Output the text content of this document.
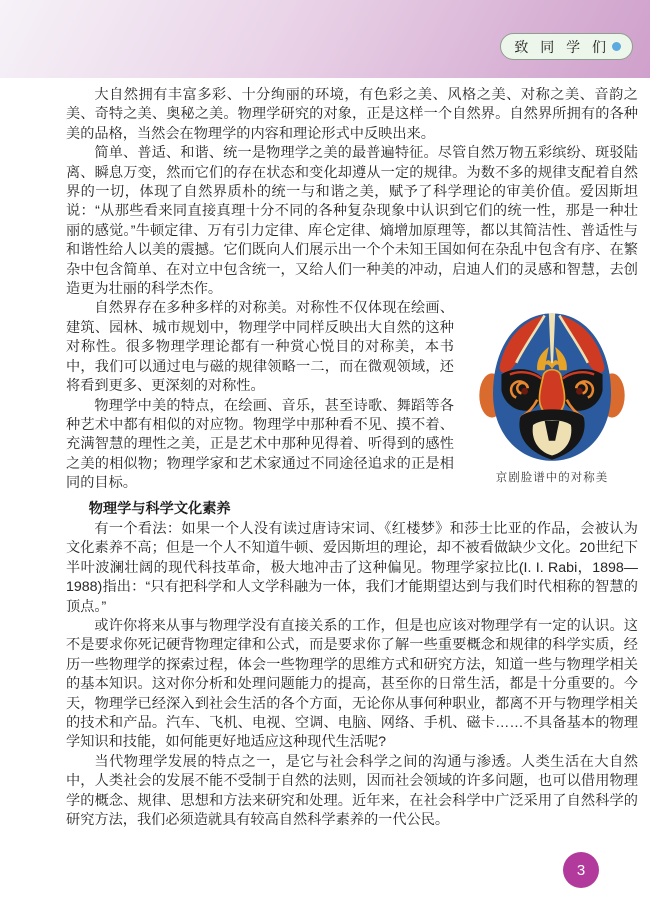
致 同 学 们

大自然拥有丰富多彩、十分绚丽的环境，有色彩之美、风格之美、对称之美、音韵之美、奇特之美、奥秘之美。物理学研究的对象，正是这样一个自然界。自然界所拥有的各种美的品格，当然会在物理学的内容和理论形式中反映出来。

简单、普适、和谐、统一是物理学之美的最普遍特征。尽管自然万物五彩缤纷、斑驳陆离、瞬息万变，然而它们的存在状态和变化却遵从一定的规律。为数不多的规律支配着自然界的一切，体现了自然界质朴的统一与和谐之美，赋予了科学理论的审美价值。爱因斯坦说：“从那些看来同直接真理十分不同的各种复杂现象中认识到它们的统一性，那是一种壮丽的感觉。”牛顿定律、万有引力定律、库仑定律、熵增加原理等，都以其简洁性、普适性与和谐性给人以美的震撼。它们既向人们展示出一个个未知王国如何在杂乱中包含有序、在繁杂中包含简单、在对立中包含统一，又给人们一种美的冲动，启迪人们的灵感和智慧，去创造更为壮丽的科学杰作。

京剧脸谱中的对称美

自然界存在多种多样的对称美。对称性不仅体现在绘画、建筑、园林、城市规划中，物理学中同样反映出大自然的这种对称性。很多物理学理论都有一种赏心悦目的对称美，本书中，我们可以通过电与磁的规律领略一二，而在微观领域，还将看到更多、更深刻的对称性。

物理学中美的特点，在绘画、音乐，甚至诗歌、舞蹈等各种艺术中都有相似的对应物。物理学中那种看不见、摸不着、充满智慧的理性之美，正是艺术中那种见得着、听得到的感性之美的相似物；物理学家和艺术家通过不同途径追求的正是相同的目标。

物理学与科学文化素养

有一个看法：如果一个人没有读过唐诗宋词、《红楼梦》和莎士比亚的作品，会被认为文化素养不高；但是一个人不知道牛顿、爱因斯坦的理论，却不被看做缺少文化。20世纪下半叶波澜壮阔的现代科技革命，极大地冲击了这种偏见。物理学家拉比(I. I. Rabi，1898—1988)指出：“只有把科学和人文学科融为一体，我们才能期望达到与我们时代相称的智慧的顶点。”

或许你将来从事与物理学没有直接关系的工作，但是也应该对物理学有一定的认识。这不是要求你死记硬背物理定律和公式，而是要求你了解一些重要概念和规律的科学实质，经历一些物理学的探索过程，体会一些物理学的思维方式和研究方法，知道一些与物理学相关的基本知识。这对你分析和处理问题能力的提高，甚至你的日常生活，都是十分重要的。今天，物理学已经深入到社会生活的各个方面，无论你从事何种职业，都离不开与物理学相关的技术和产品。汽车、飞机、电视、空调、电脑、网络、手机、磁卡……不具备基本的物理学知识和技能，如何能更好地适应这种现代生活呢?

当代物理学发展的特点之一，是它与社会科学之间的沟通与渗透。人类生活在大自然中，人类社会的发展不能不受制于自然的法则，因而社会领域的许多问题，也可以借用物理学的概念、规律、思想和方法来研究和处理。近年来，在社会科学中广泛采用了自然科学的研究方法，我们必须造就具有较高自然科学素养的一代公民。

3
